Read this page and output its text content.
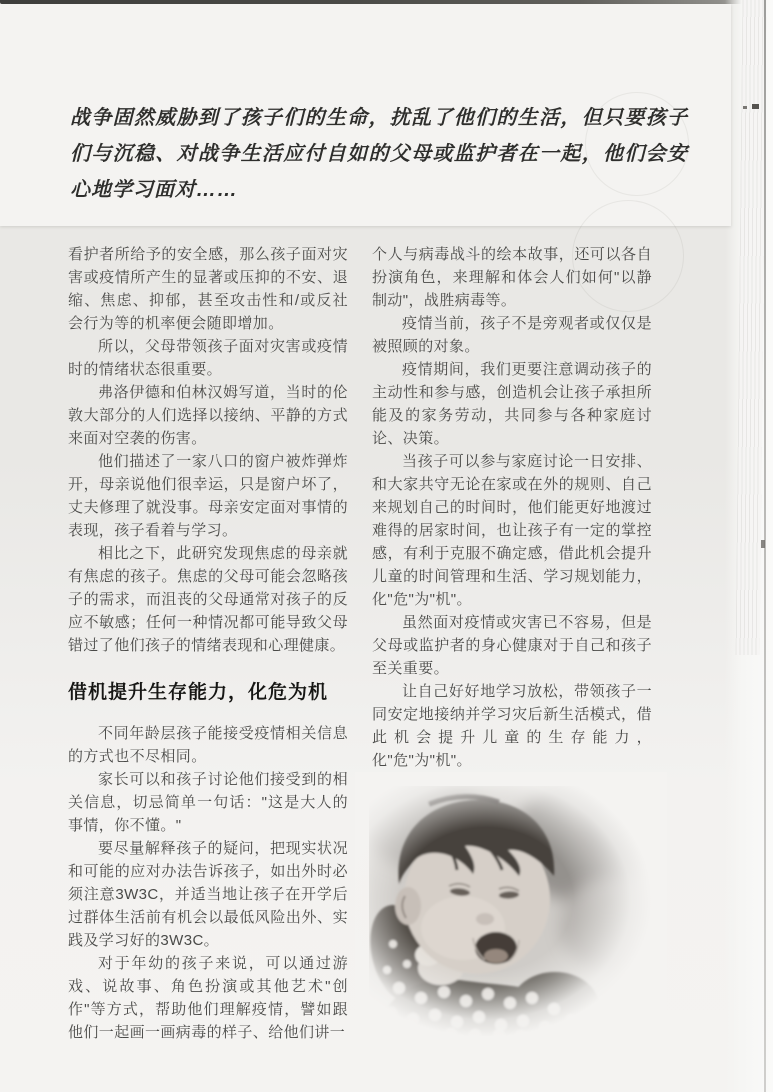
战争固然威胁到了孩子们的生命，扰乱了他们的生活，但只要孩子们与沉稳、对战争生活应付自如的父母或监护者在一起，他们会安心地学习面对……

看护者所给予的安全感，那么孩子面对灾害或疫情所产生的显著或压抑的不安、退缩、焦虑、抑郁，甚至攻击性和/或反社会行为等的机率便会随即增加。

所以，父母带领孩子面对灾害或疫情时的情绪状态很重要。

弗洛伊德和伯林汉姆写道，当时的伦敦大部分的人们选择以接纳、平静的方式来面对空袭的伤害。

他们描述了一家八口的窗户被炸弹炸开，母亲说他们很幸运，只是窗户坏了，丈夫修理了就没事。母亲安定面对事情的表现，孩子看着与学习。

相比之下，此研究发现焦虑的母亲就有焦虑的孩子。焦虑的父母可能会忽略孩子的需求，而沮丧的父母通常对孩子的反应不敏感；任何一种情况都可能导致父母错过了他们孩子的情绪表现和心理健康。

借机提升生存能力，化危为机

不同年龄层孩子能接受疫情相关信息的方式也不尽相同。

家长可以和孩子讨论他们接受到的相关信息，切忌简单一句话："这是大人的事情，你不懂。"

要尽量解释孩子的疑问，把现实状况和可能的应对办法告诉孩子，如出外时必须注意3W3C，并适当地让孩子在开学后过群体生活前有机会以最低风险出外、实践及学习好的3W3C。

对于年幼的孩子来说，可以通过游戏、说故事、角色扮演或其他艺术"创作"等方式，帮助他们理解疫情，譬如跟他们一起画一画病毒的样子、给他们讲一

个人与病毒战斗的绘本故事，还可以各自扮演角色，来理解和体会人们如何"以静制动"，战胜病毒等。

疫情当前，孩子不是旁观者或仅仅是被照顾的对象。

疫情期间，我们更要注意调动孩子的主动性和参与感，创造机会让孩子承担所能及的家务劳动，共同参与各种家庭讨论、决策。

当孩子可以参与家庭讨论一日安排、和大家共守无论在家或在外的规则、自己来规划自己的时间时，他们能更好地渡过难得的居家时间，也让孩子有一定的掌控感，有利于克服不确定感，借此机会提升儿童的时间管理和生活、学习规划能力，化"危"为"机"。

虽然面对疫情或灾害已不容易，但是父母或监护者的身心健康对于自己和孩子至关重要。

让自己好好地学习放松，带领孩子一同安定地接纳并学习灾后新生活模式，借此机会提升儿童的生存能力，化"危"为"机"。
